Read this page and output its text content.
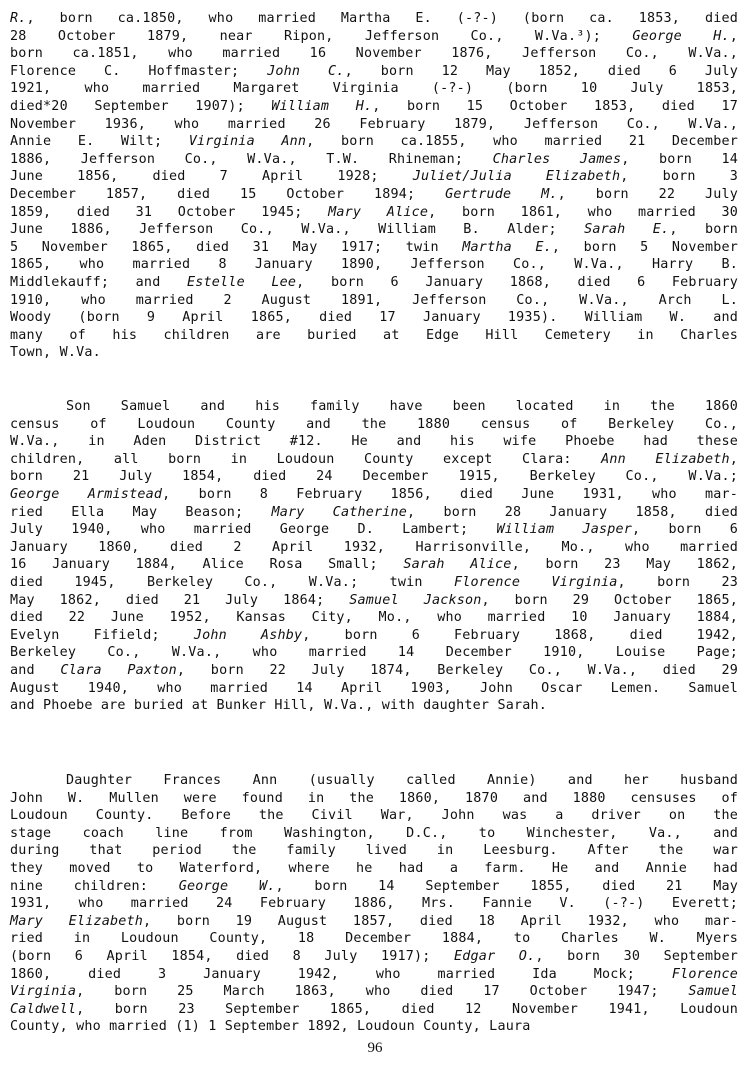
R., born ca.1850, who married Martha E. (-?-) (born ca. 1853, died
28 October 1879, near Ripon, Jefferson Co., W.Va.³); George H.,
born ca.1851, who married 16 November 1876, Jefferson Co., W.Va.,
Florence C. Hoffmaster; John C., born 12 May 1852, died 6 July
1921, who married Margaret Virginia (-?-) (born 10 July 1853,
died*20 September 1907); William H., born 15 October 1853, died 17
November 1936, who married 26 February 1879, Jefferson Co., W.Va.,
Annie E. Wilt; Virginia Ann, born ca.1855, who married 21 December
1886, Jefferson Co., W.Va., T.W. Rhineman; Charles James, born 14
June 1856, died 7 April 1928; Juliet/Julia Elizabeth, born 3
December 1857, died 15 October 1894; Gertrude M., born 22 July
1859, died 31 October 1945; Mary Alice, born 1861, who married 30
June 1886, Jefferson Co., W.Va., William B. Alder; Sarah E., born
5 November 1865, died 31 May 1917; twin Martha E., born 5 November
1865, who married 8 January 1890, Jefferson Co., W.Va., Harry B.
Middlekauff; and Estelle Lee, born 6 January 1868, died 6 February
1910, who married 2 August 1891, Jefferson Co., W.Va., Arch L.
Woody (born 9 April 1865, died 17 January 1935). William W. and
many of his children are buried at Edge Hill Cemetery in Charles
Town, W.Va.

Son Samuel and his family have been located in the 1860
census of Loudoun County and the 1880 census of Berkeley Co.,
W.Va., in Aden District #12. He and his wife Phoebe had these
children, all born in Loudoun County except Clara: Ann Elizabeth,
born 21 July 1854, died 24 December 1915, Berkeley Co., W.Va.;
George Armistead, born 8 February 1856, died June 1931, who mar-
ried Ella May Beason; Mary Catherine, born 28 January 1858, died
July 1940, who married George D. Lambert; William Jasper, born 6
January 1860, died 2 April 1932, Harrisonville, Mo., who married
16 January 1884, Alice Rosa Small; Sarah Alice, born 23 May 1862,
died 1945, Berkeley Co., W.Va.; twin Florence Virginia, born 23
May 1862, died 21 July 1864; Samuel Jackson, born 29 October 1865,
died 22 June 1952, Kansas City, Mo., who married 10 January 1884,
Evelyn Fifield; John Ashby, born 6 February 1868, died 1942,
Berkeley Co., W.Va., who married 14 December 1910, Louise Page;
and Clara Paxton, born 22 July 1874, Berkeley Co., W.Va., died 29
August 1940, who married 14 April 1903, John Oscar Lemen. Samuel
and Phoebe are buried at Bunker Hill, W.Va., with daughter Sarah.

Daughter Frances Ann (usually called Annie) and her husband
John W. Mullen were found in the 1860, 1870 and 1880 censuses of
Loudoun County. Before the Civil War, John was a driver on the
stage coach line from Washington, D.C., to Winchester, Va., and
during that period the family lived in Leesburg. After the war
they moved to Waterford, where he had a farm. He and Annie had
nine children: George W., born 14 September 1855, died 21 May
1931, who married 24 February 1886, Mrs. Fannie V. (-?-) Everett;
Mary Elizabeth, born 19 August 1857, died 18 April 1932, who mar-
ried in Loudoun County, 18 December 1884, to Charles W. Myers
(born 6 April 1854, died 8 July 1917); Edgar O., born 30 September
1860, died 3 January 1942, who married Ida Mock; Florence
Virginia, born 25 March 1863, who died 17 October 1947; Samuel
Caldwell, born 23 September 1865, died 12 November 1941, Loudoun
County, who married (1) 1 September 1892, Loudoun County, Laura

96
